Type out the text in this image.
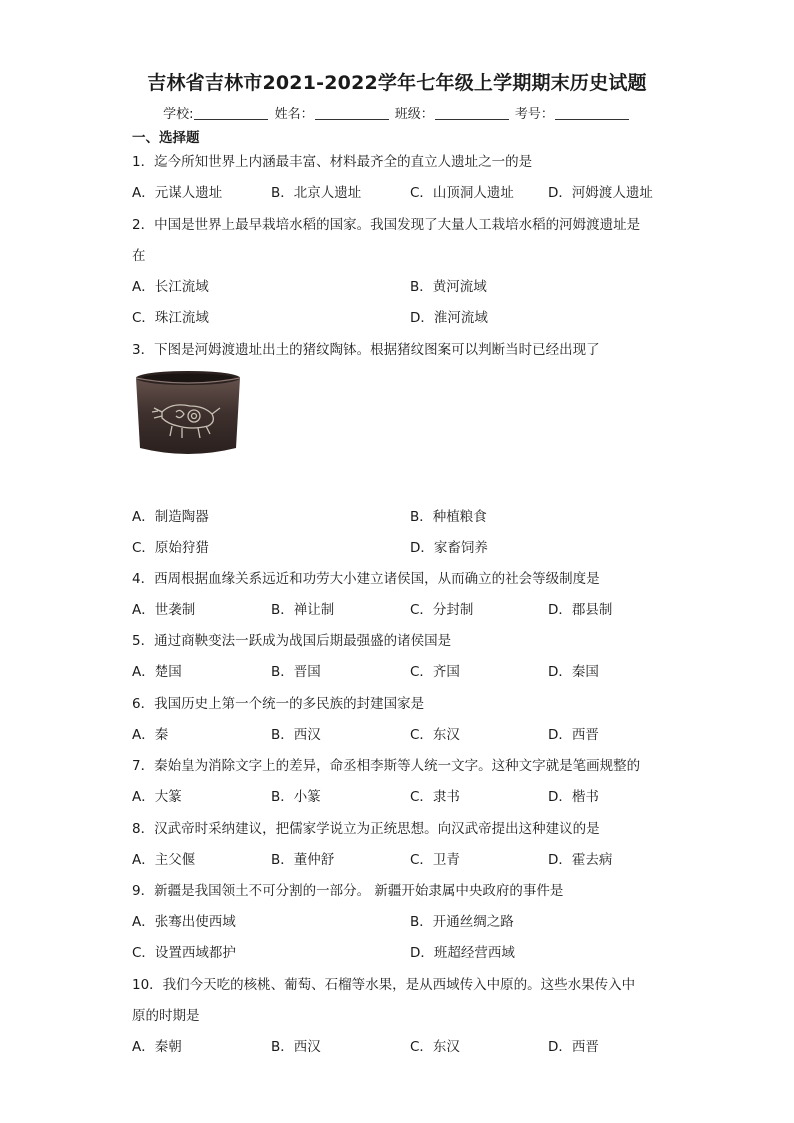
吉林省吉林市2021-2022学年七年级上学期期末历史试题
学校:	姓名：	班级：	考号：
一、选择题
1．迄今所知世界上内涵最丰富、材料最齐全的直立人遗址之一的是
A．元谋人遗址	B．北京人遗址	C．山顶洞人遗址	D．河姆渡人遗址
2．中国是世界上最早栽培水稻的国家。我国发现了大量人工栽培水稻的河姆渡遗址是
在
A．长江流域	B．黄河流域
C．珠江流域	D．淮河流域
3．下图是河姆渡遗址出土的猪纹陶钵。根据猪纹图案可以判断当时已经出现了
A．制造陶器	B．种植粮食
C．原始狩猎	D．家畜饲养
4．西周根据血缘关系远近和功劳大小建立诸侯国，从而确立的社会等级制度是
A．世袭制	B．禅让制	C．分封制	D．郡县制
5．通过商鞅变法一跃成为战国后期最强盛的诸侯国是
A．楚国	B．晋国	C．齐国	D．秦国
6．我国历史上第一个统一的多民族的封建国家是
A．秦	B．西汉	C．东汉	D．西晋
7．秦始皇为消除文字上的差异，命丞相李斯等人统一文字。这种文字就是笔画规整的
A．大篆	B．小篆	C．隶书	D．楷书
8．汉武帝时采纳建议，把儒家学说立为正统思想。向汉武帝提出这种建议的是
A．主父偃	B．董仲舒	C．卫青	D．霍去病
9．新疆是我国领土不可分割的一部分。 新疆开始隶属中央政府的事件是
A．张骞出使西域	B．开通丝绸之路
C．设置西域都护	D．班超经营西域
10．我们今天吃的核桃、葡萄、石榴等水果，是从西域传入中原的。这些水果传入中
原的时期是
A．秦朝	B．西汉	C．东汉	D．西晋
